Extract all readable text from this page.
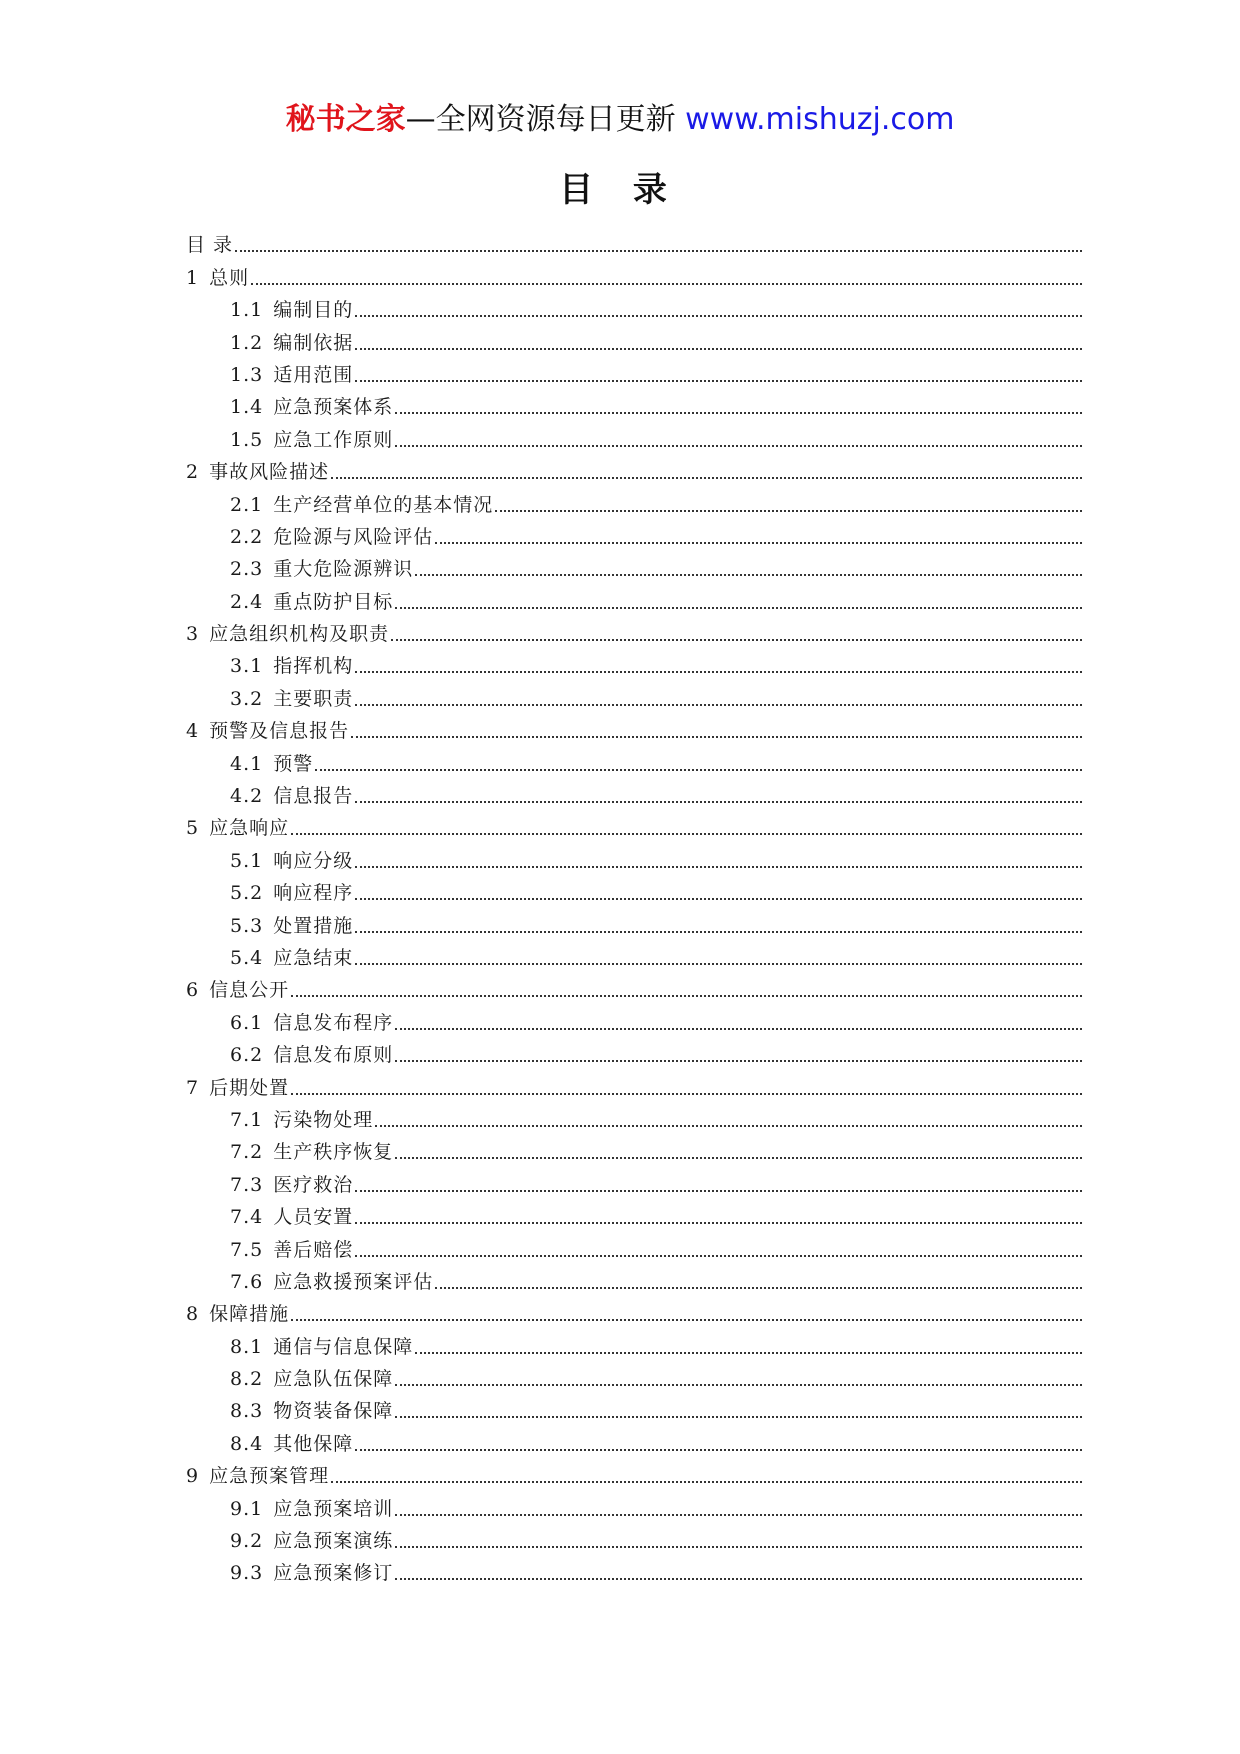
秘书之家—全网资源每日更新 www.mishuzj.com
目 录
目 录
1 总则
1.1 编制目的
1.2 编制依据
1.3 适用范围
1.4 应急预案体系
1.5 应急工作原则
2 事故风险描述
2.1 生产经营单位的基本情况
2.2 危险源与风险评估
2.3 重大危险源辨识
2.4 重点防护目标
3 应急组织机构及职责
3.1 指挥机构
3.2 主要职责
4 预警及信息报告
4.1 预警
4.2 信息报告
5 应急响应
5.1 响应分级
5.2 响应程序
5.3 处置措施
5.4 应急结束
6 信息公开
6.1 信息发布程序
6.2 信息发布原则
7 后期处置
7.1 污染物处理
7.2 生产秩序恢复
7.3 医疗救治
7.4 人员安置
7.5 善后赔偿
7.6 应急救援预案评估
8 保障措施
8.1 通信与信息保障
8.2 应急队伍保障
8.3 物资装备保障
8.4 其他保障
9 应急预案管理
9.1 应急预案培训
9.2 应急预案演练
9.3 应急预案修订
